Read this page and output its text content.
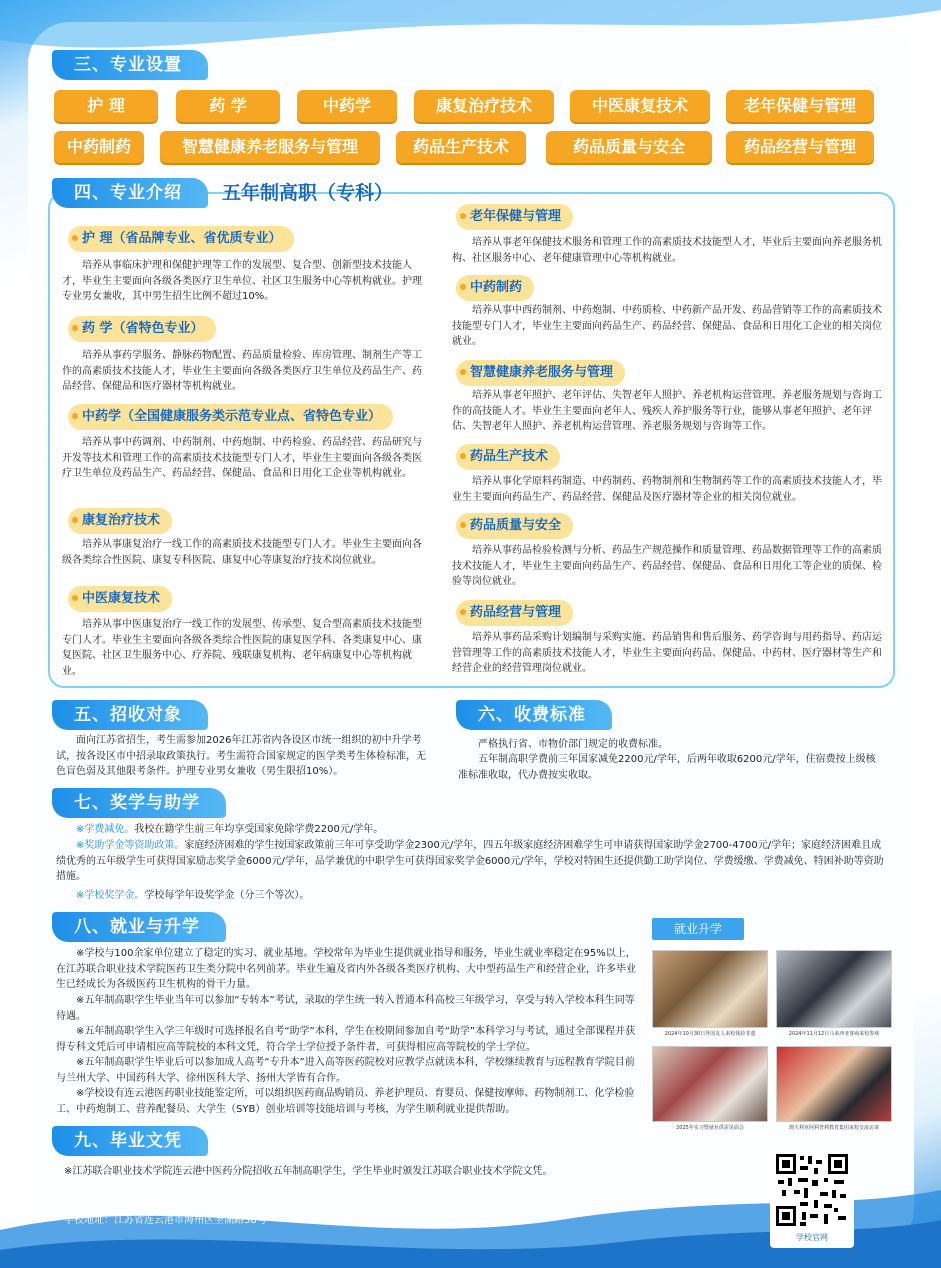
三、专业设置
护 理	药 学	中药学	康复治疗技术	中医康复技术	老年保健与管理
中药制药	智慧健康养老服务与管理	药品生产技术	药品质量与安全	药品经营与管理
四、专业介绍	五年制高职（专科）
护 理（省品牌专业、省优质专业）
培养从事临床护理和保健护理等工作的发展型、复合型、创新型技术技能人才，毕业生主要面向各级各类医疗卫生单位、社区卫生服务中心等机构就业。护理专业男女兼收，其中男生招生比例不超过10%。
药 学（省特色专业）
培养从事药学服务、静脉药物配置、药品质量检验、库房管理、制剂生产等工作的高素质技术技能人才，毕业生主要面向各级各类医疗卫生单位及药品生产、药品经营、保健品和医疗器材等机构就业。
中药学（全国健康服务类示范专业点、省特色专业）
培养从事中药调剂、中药制剂、中药炮制、中药检验、药品经营、药品研究与开发等技术和管理工作的高素质技术技能型专门人才，毕业生主要面向各级各类医疗卫生单位及药品生产、药品经营、保健品、食品和日用化工企业等机构就业。
康复治疗技术
培养从事康复治疗一线工作的高素质技术技能型专门人才。毕业生主要面向各级各类综合性医院、康复专科医院、康复中心等康复治疗技术岗位就业。
中医康复技术
培养从事中医康复治疗一线工作的发展型、传承型、复合型高素质技术技能型专门人才。毕业生主要面向各级各类综合性医院的康复医学科、各类康复中心、康复医院、社区卫生服务中心、疗养院、残联康复机构、老年病康复中心等机构就业。
老年保健与管理
培养从事老年保健技术服务和管理工作的高素质技术技能型人才，毕业后主要面向养老服务机构、社区服务中心、老年健康管理中心等机构就业。
中药制药
培养从事中西药制剂、中药炮制、中药质检、中药新产品开发、药品营销等工作的高素质技术技能型专门人才，毕业生主要面向药品生产、药品经营、保健品、食品和日用化工企业的相关岗位就业。
智慧健康养老服务与管理
培养从事老年照护、老年评估、失智老年人照护、养老机构运营管理、养老服务规划与咨询工作的高技能人才。毕业生主要面向老年人、残疾人养护服务等行业，能够从事老年照护、老年评估、失智老年人照护、养老机构运营管理、养老服务规划与咨询等工作。
药品生产技术
培养从事化学原料药制造、中药制药、药物制剂和生物制药等工作的高素质技术技能人才，毕业生主要面向药品生产、药品经营、保健品及医疗器材等企业的相关岗位就业。
药品质量与安全
培养从事药品检验检测与分析、药品生产规范操作和质量管理、药品数据管理等工作的高素质技术技能人才，毕业生主要面向药品生产、药品经营、保健品、食品和日用化工等企业的质保、检验等岗位就业。
药品经营与管理
培养从事药品采购计划编制与采购实施、药品销售和售后服务、药学咨询与用药指导、药店运营管理等工作的高素质技术技能人才，毕业生主要面向药品、保健品、中药材、医疗器材等生产和经营企业的经营管理岗位就业。
五、招收对象
面向江苏省招生，考生需参加2026年江苏省内各设区市统一组织的初中升学考试，按各设区市中招录取政策执行。考生需符合国家规定的医学类考生体检标准，无色盲色弱及其他限考条件。护理专业男女兼收（男生限招10%）。
六、收费标准
严格执行省、市物价部门规定的收费标准。
五年制高职学费前三年国家减免2200元/学年，后两年收取6200元/学年，住宿费按上级核准标准收取，代办费按实收取。
七、奖学与助学
※学费减免。我校在籍学生前三年均享受国家免除学费2200元/学年。
※奖助学金等资助政策。家庭经济困难的学生按国家政策前三年可享受助学金2300元/学年，四五年级家庭经济困难学生可申请获得国家助学金2700-4700元/学年；家庭经济困难且成绩优秀的五年级学生可获得国家励志奖学金6000元/学年，品学兼优的中职学生可获得国家奖学金6000元/学年，学校对特困生还提供勤工助学岗位、学费缓缴、学费减免、特困补助等资助措施。
※学校奖学金。学校每学年设奖学金（分三个等次）。
八、就业与升学
※学校与100余家单位建立了稳定的实习、就业基地。学校常年为毕业生提供就业指导和服务，毕业生就业率稳定在95%以上，在江苏联合职业技术学院医药卫生类分院中名列前茅。毕业生遍及省内外各级各类医疗机构、大中型药品生产和经营企业，许多毕业生已经成长为各级医药卫生机构的骨干力量。
※五年制高职学生毕业当年可以参加“专转本”考试，录取的学生统一转入普通本科高校三年级学习，享受与转入学校本科生同等待遇。
※五年制高职学生入学三年级时可选择报名自考“助学”本科，学生在校期间参加自考“助学”本科学习与考试，通过全部课程并获得专科文凭后可申请相应高等院校的本科文凭，符合学士学位授予条件者，可获得相应高等院校的学士学位。
※五年制高职学生毕业后可以参加成人高考“专升本”进入高等医药院校对应教学点就读本科，学校继续教育与远程教育学院目前与兰州大学、中国药科大学、徐州医科大学、扬州大学皆有合作。
※学校设有连云港医药职业技能鉴定所，可以组织医药商品购销员、养老护理员、育婴员、保健按摩师、药物制剂工、化学检验工、中药炮制工、营养配餐员、大学生（SYB）创业培训等技能培训与考核，为学生顺利就业提供帮助。
就业升学
2024年10月30日外国友人来校体验非遗	2024年11月12日马来西亚客商来校参观
2025年实习暨就业供需见面会	澳大利亚阿利普利教育集团来校交流访谈
九、毕业文凭
※江苏联合职业技术学院连云港中医药分院招收五年制高职学生，学生毕业时颁发江苏联合职业技术学院文凭。
咨询电话：0518-80775678、80775618、80775688
联 系 人：苏老师、程老师、郭老师
学校地址：江苏省连云港市海州区圣湖路38号
网 址：HTTP://WWW.ZYXXLYG.COM/
邮政编码：222007
学校官网
